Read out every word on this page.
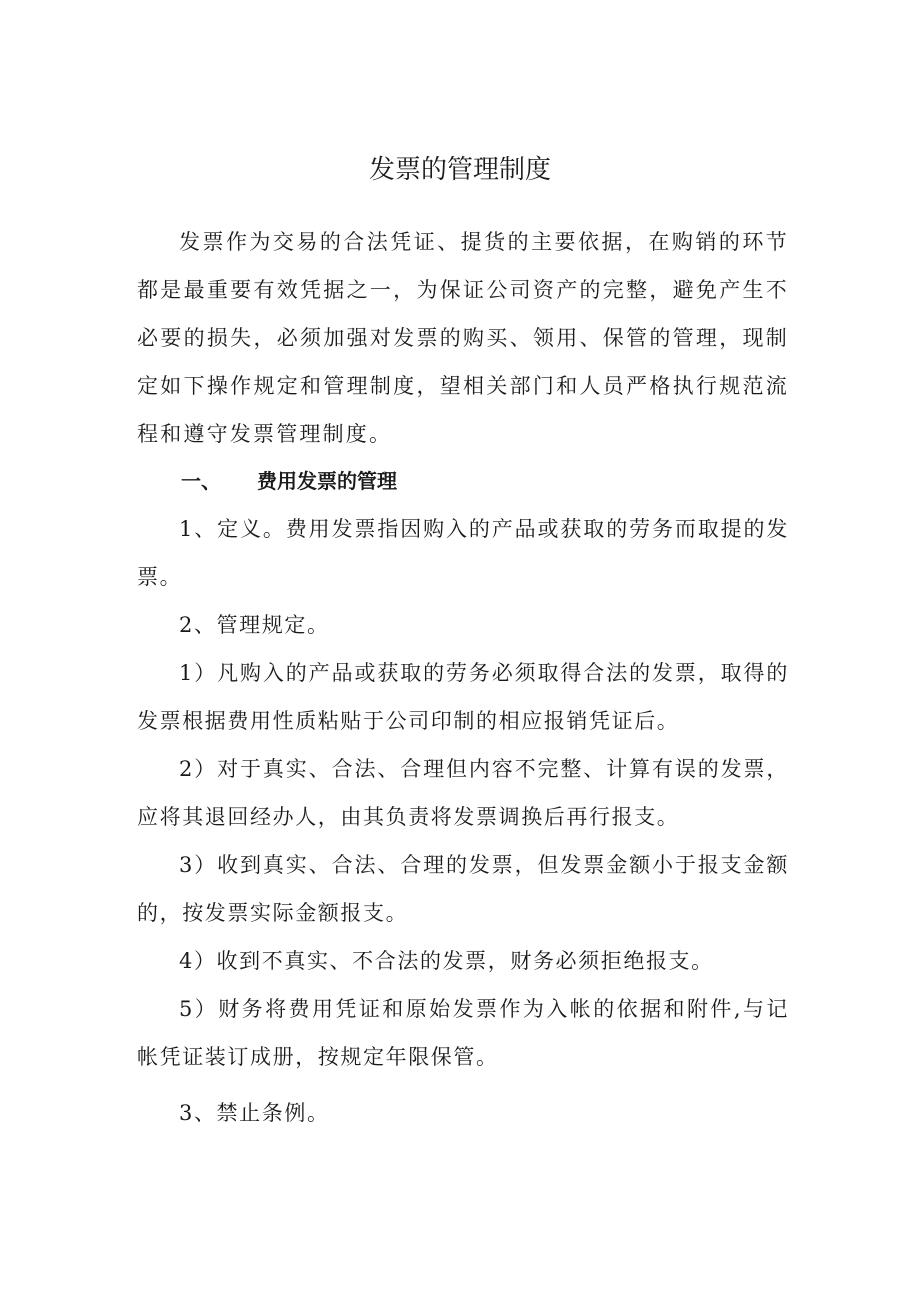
发票的管理制度

发票作为交易的合法凭证、提货的主要依据，在购销的环节都是最重要有效凭据之一，为保证公司资产的完整，避免产生不必要的损失，必须加强对发票的购买、领用、保管的管理，现制定如下操作规定和管理制度，望相关部门和人员严格执行规范流程和遵守发票管理制度。

一、 费用发票的管理

1、定义。费用发票指因购入的产品或获取的劳务而取提的发票。

2、管理规定。

1）凡购入的产品或获取的劳务必须取得合法的发票，取得的发票根据费用性质粘贴于公司印制的相应报销凭证后。

2）对于真实、合法、合理但内容不完整、计算有误的发票，应将其退回经办人，由其负责将发票调换后再行报支。

3）收到真实、合法、合理的发票，但发票金额小于报支金额的，按发票实际金额报支。

4）收到不真实、不合法的发票，财务必须拒绝报支。

5）财务将费用凭证和原始发票作为入帐的依据和附件,与记帐凭证装订成册，按规定年限保管。

3、禁止条例。
